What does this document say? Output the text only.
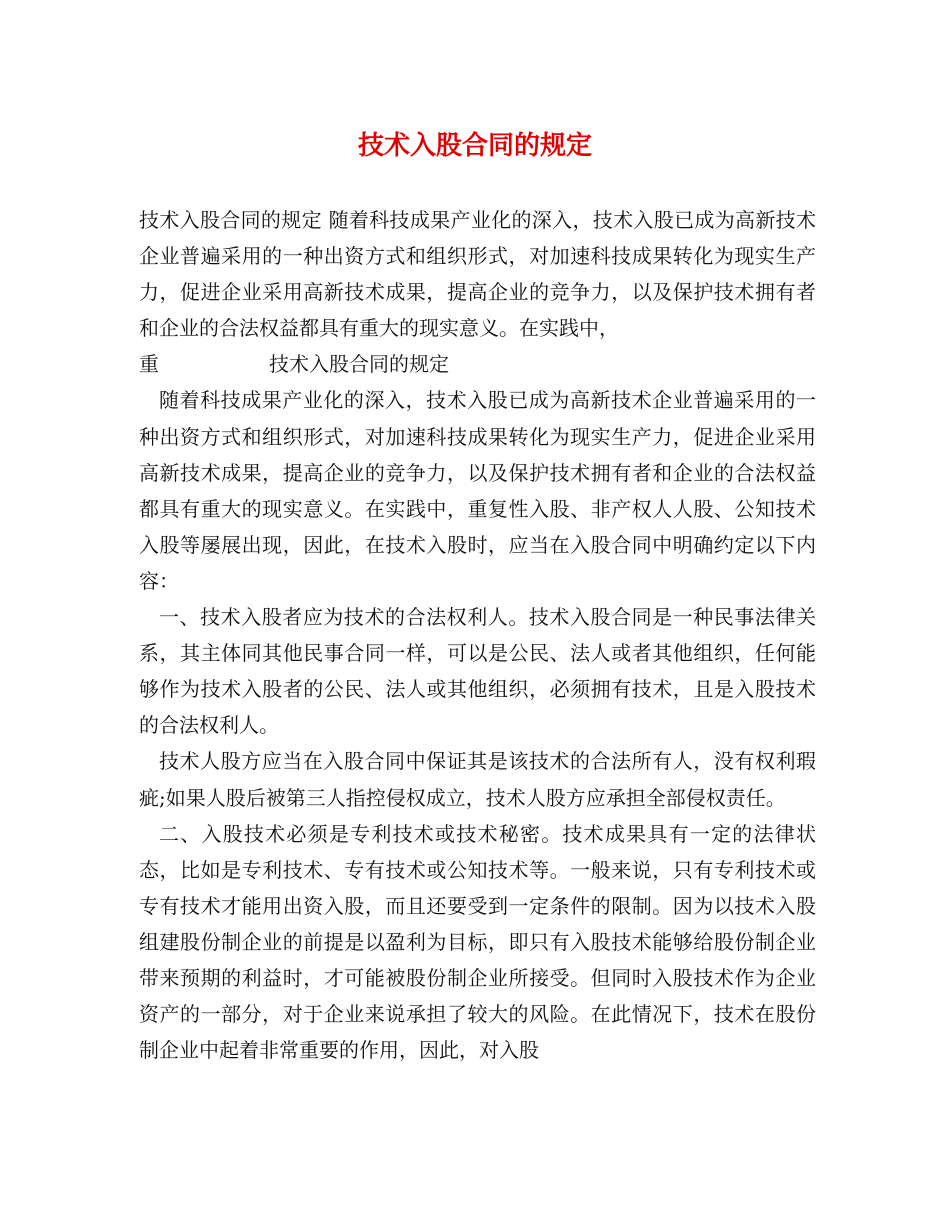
技术入股合同的规定

技术入股合同的规定 随着科技成果产业化的深入，技术入股已成为高新技术企业普遍采用的一种出资方式和组织形式，对加速科技成果转化为现实生产力，促进企业采用高新技术成果，提高企业的竞争力，以及保护技术拥有者和企业的合法权益都具有重大的现实意义。在实践中，

重	技术入股合同的规定

随着科技成果产业化的深入，技术入股已成为高新技术企业普遍采用的一种出资方式和组织形式，对加速科技成果转化为现实生产力，促进企业采用高新技术成果，提高企业的竞争力，以及保护技术拥有者和企业的合法权益都具有重大的现实意义。在实践中，重复性入股、非产权人人股、公知技术入股等屡展出现，因此，在技术入股时，应当在入股合同中明确约定以下内容：

一、技术入股者应为技术的合法权利人。技术入股合同是一种民事法律关系，其主体同其他民事合同一样，可以是公民、法人或者其他组织，任何能够作为技术入股者的公民、法人或其他组织，必须拥有技术，且是入股技术的合法权利人。

技术人股方应当在入股合同中保证其是该技术的合法所有人，没有权利瑕疵;如果人股后被第三人指控侵权成立，技术人股方应承担全部侵权责任。

二、入股技术必须是专利技术或技术秘密。技术成果具有一定的法律状态，比如是专利技术、专有技术或公知技术等。一般来说，只有专利技术或专有技术才能用出资入股，而且还要受到一定条件的限制。因为以技术入股组建股份制企业的前提是以盈利为目标，即只有入股技术能够给股份制企业带来预期的利益时，才可能被股份制企业所接受。但同时入股技术作为企业资产的一部分，对于企业来说承担了较大的风险。在此情况下，技术在股份制企业中起着非常重要的作用，因此，对入股
